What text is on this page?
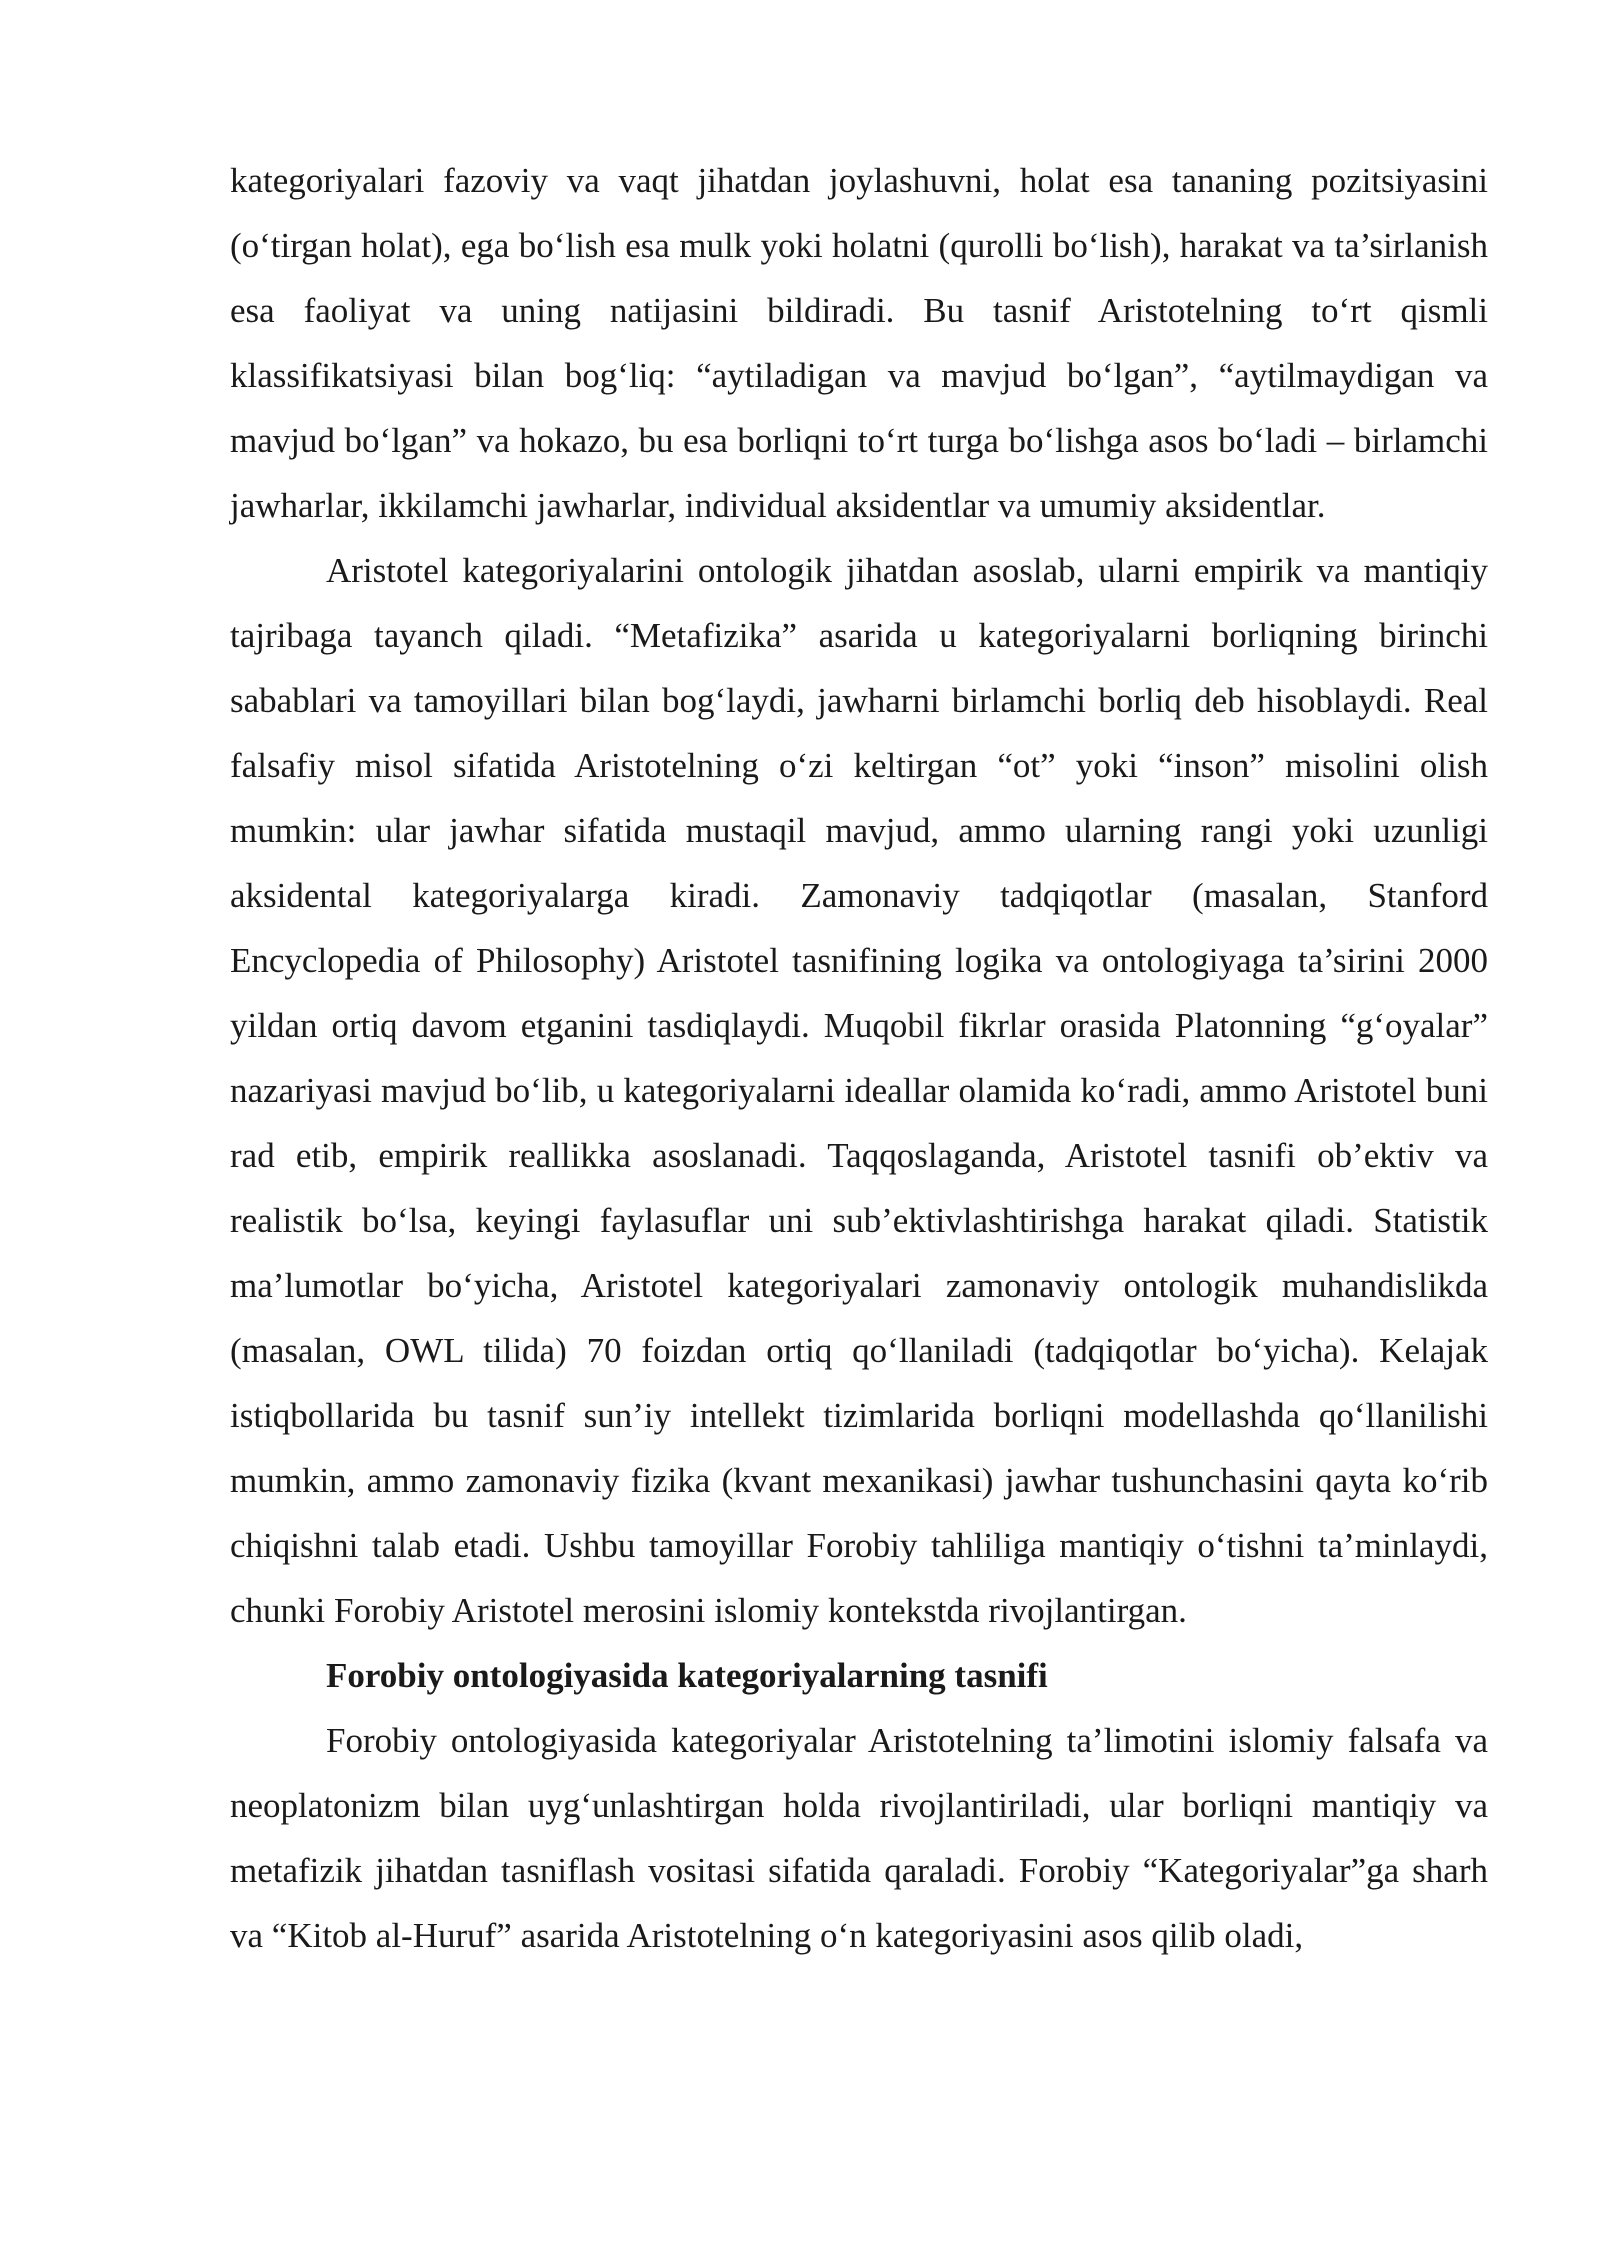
kategoriyalari fazoviy va vaqt jihatdan joylashuvni, holat esa tananing pozitsiyasini (o‘tirgan holat), ega bo‘lish esa mulk yoki holatni (qurolli bo‘lish), harakat va ta’sirlanish esa faoliyat va uning natijasini bildiradi. Bu tasnif Aristotelning to‘rt qismli klassifikatsiyasi bilan bog‘liq: “aytiladigan va mavjud bo‘lgan”, “aytilmaydigan va mavjud bo‘lgan” va hokazo, bu esa borliqni to‘rt turga bo‘lishga asos bo‘ladi – birlamchi jawharlar, ikkilamchi jawharlar, individual aksidentlar va umumiy aksidentlar.

Aristotel kategoriyalarini ontologik jihatdan asoslab, ularni empirik va mantiqiy tajribaga tayanch qiladi. “Metafizika” asarida u kategoriyalarni borliqning birinchi sabablari va tamoyillari bilan bog‘laydi, jawharni birlamchi borliq deb hisoblaydi. Real falsafiy misol sifatida Aristotelning o‘zi keltirgan “ot” yoki “inson” misolini olish mumkin: ular jawhar sifatida mustaqil mavjud, ammo ularning rangi yoki uzunligi aksidental kategoriyalarga kiradi. Zamonaviy tadqiqotlar (masalan, Stanford Encyclopedia of Philosophy) Aristotel tasnifining logika va ontologiyaga ta’sirini 2000 yildan ortiq davom etganini tasdiqlaydi. Muqobil fikrlar orasida Platonning “g‘oyalar” nazariyasi mavjud bo‘lib, u kategoriyalarni ideallar olamida ko‘radi, ammo Aristotel buni rad etib, empirik reallikka asoslanadi. Taqqoslaganda, Aristotel tasnifi ob’ektiv va realistik bo‘lsa, keyingi faylasuflar uni sub’ektivlashtirishga harakat qiladi. Statistik ma’lumotlar bo‘yicha, Aristotel kategoriyalari zamonaviy ontologik muhandislikda (masalan, OWL tilida) 70 foizdan ortiq qo‘llaniladi (tadqiqotlar bo‘yicha). Kelajak istiqbollarida bu tasnif sun’iy intellekt tizimlarida borliqni modellashda qo‘llanilishi mumkin, ammo zamonaviy fizika (kvant mexanikasi) jawhar tushunchasini qayta ko‘rib chiqishni talab etadi. Ushbu tamoyillar Forobiy tahliliga mantiqiy o‘tishni ta’minlaydi, chunki Forobiy Aristotel merosini islomiy kontekstda rivojlantirgan.

Forobiy ontologiyasida kategoriyalarning tasnifi

Forobiy ontologiyasida kategoriyalar Aristotelning ta’limotini islomiy falsafa va neoplatonizm bilan uyg‘unlashtirgan holda rivojlantiriladi, ular borliqni mantiqiy va metafizik jihatdan tasniflash vositasi sifatida qaraladi. Forobiy “Kategoriyalar”ga sharh va “Kitob al-Huruf” asarida Aristotelning o‘n kategoriyasini asos qilib oladi,
